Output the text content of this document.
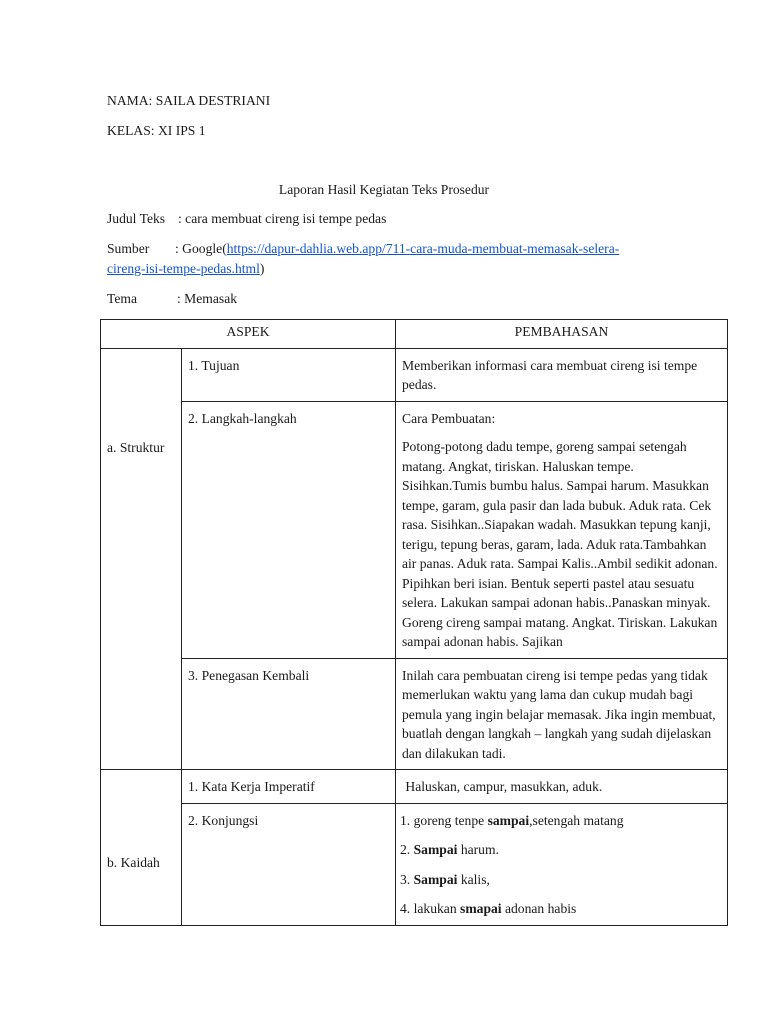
NAMA: SAILA DESTRIANI
KELAS: XI IPS 1
Laporan Hasil Kegiatan Teks Prosedur
Judul Teks : cara membuat cireng isi tempe pedas
Sumber : Google(https://dapur-dahlia.web.app/711-cara-muda-membuat-memasak-selera-
cireng-isi-tempe-pedas.html)
Tema	: Memasak
ASPEK		PEMBAHASAN
a. Struktur	1. Tujuan	Memberikan informasi cara membuat cireng isi tempe pedas.
	2. Langkah-langkah	Cara Pembuatan:

Potong-potong dadu tempe, goreng sampai setengah matang. Angkat, tiriskan. Haluskan tempe. Sisihkan.Tumis bumbu halus. Sampai harum. Masukkan tempe, garam, gula pasir dan lada bubuk. Aduk rata. Cek rasa. Sisihkan..Siapakan wadah. Masukkan tepung kanji, terigu, tepung beras, garam, lada. Aduk rata.Tambahkan air panas. Aduk rata. Sampai Kalis..Ambil sedikit adonan. Pipihkan beri isian. Bentuk seperti pastel atau sesuatu selera. Lakukan sampai adonan habis..Panaskan minyak. Goreng cireng sampai matang. Angkat. Tiriskan. Lakukan sampai adonan habis. Sajikan

	3. Penegasan Kembali	Inilah cara pembuatan cireng isi tempe pedas yang tidak memerlukan waktu yang lama dan cukup mudah bagi pemula yang ingin belajar memasak. Jika ingin membuat, buatlah dengan langkah – langkah yang sudah dijelaskan dan dilakukan tadi.
b. Kaidah	1. Kata Kerja Imperatif	Haluskan, campur, masukkan, aduk.
	2. Konjungsi	1. goreng tenpe sampai,setengah matang

2. Sampai harum.

3. Sampai kalis,

4. lakukan smapai adonan habis
